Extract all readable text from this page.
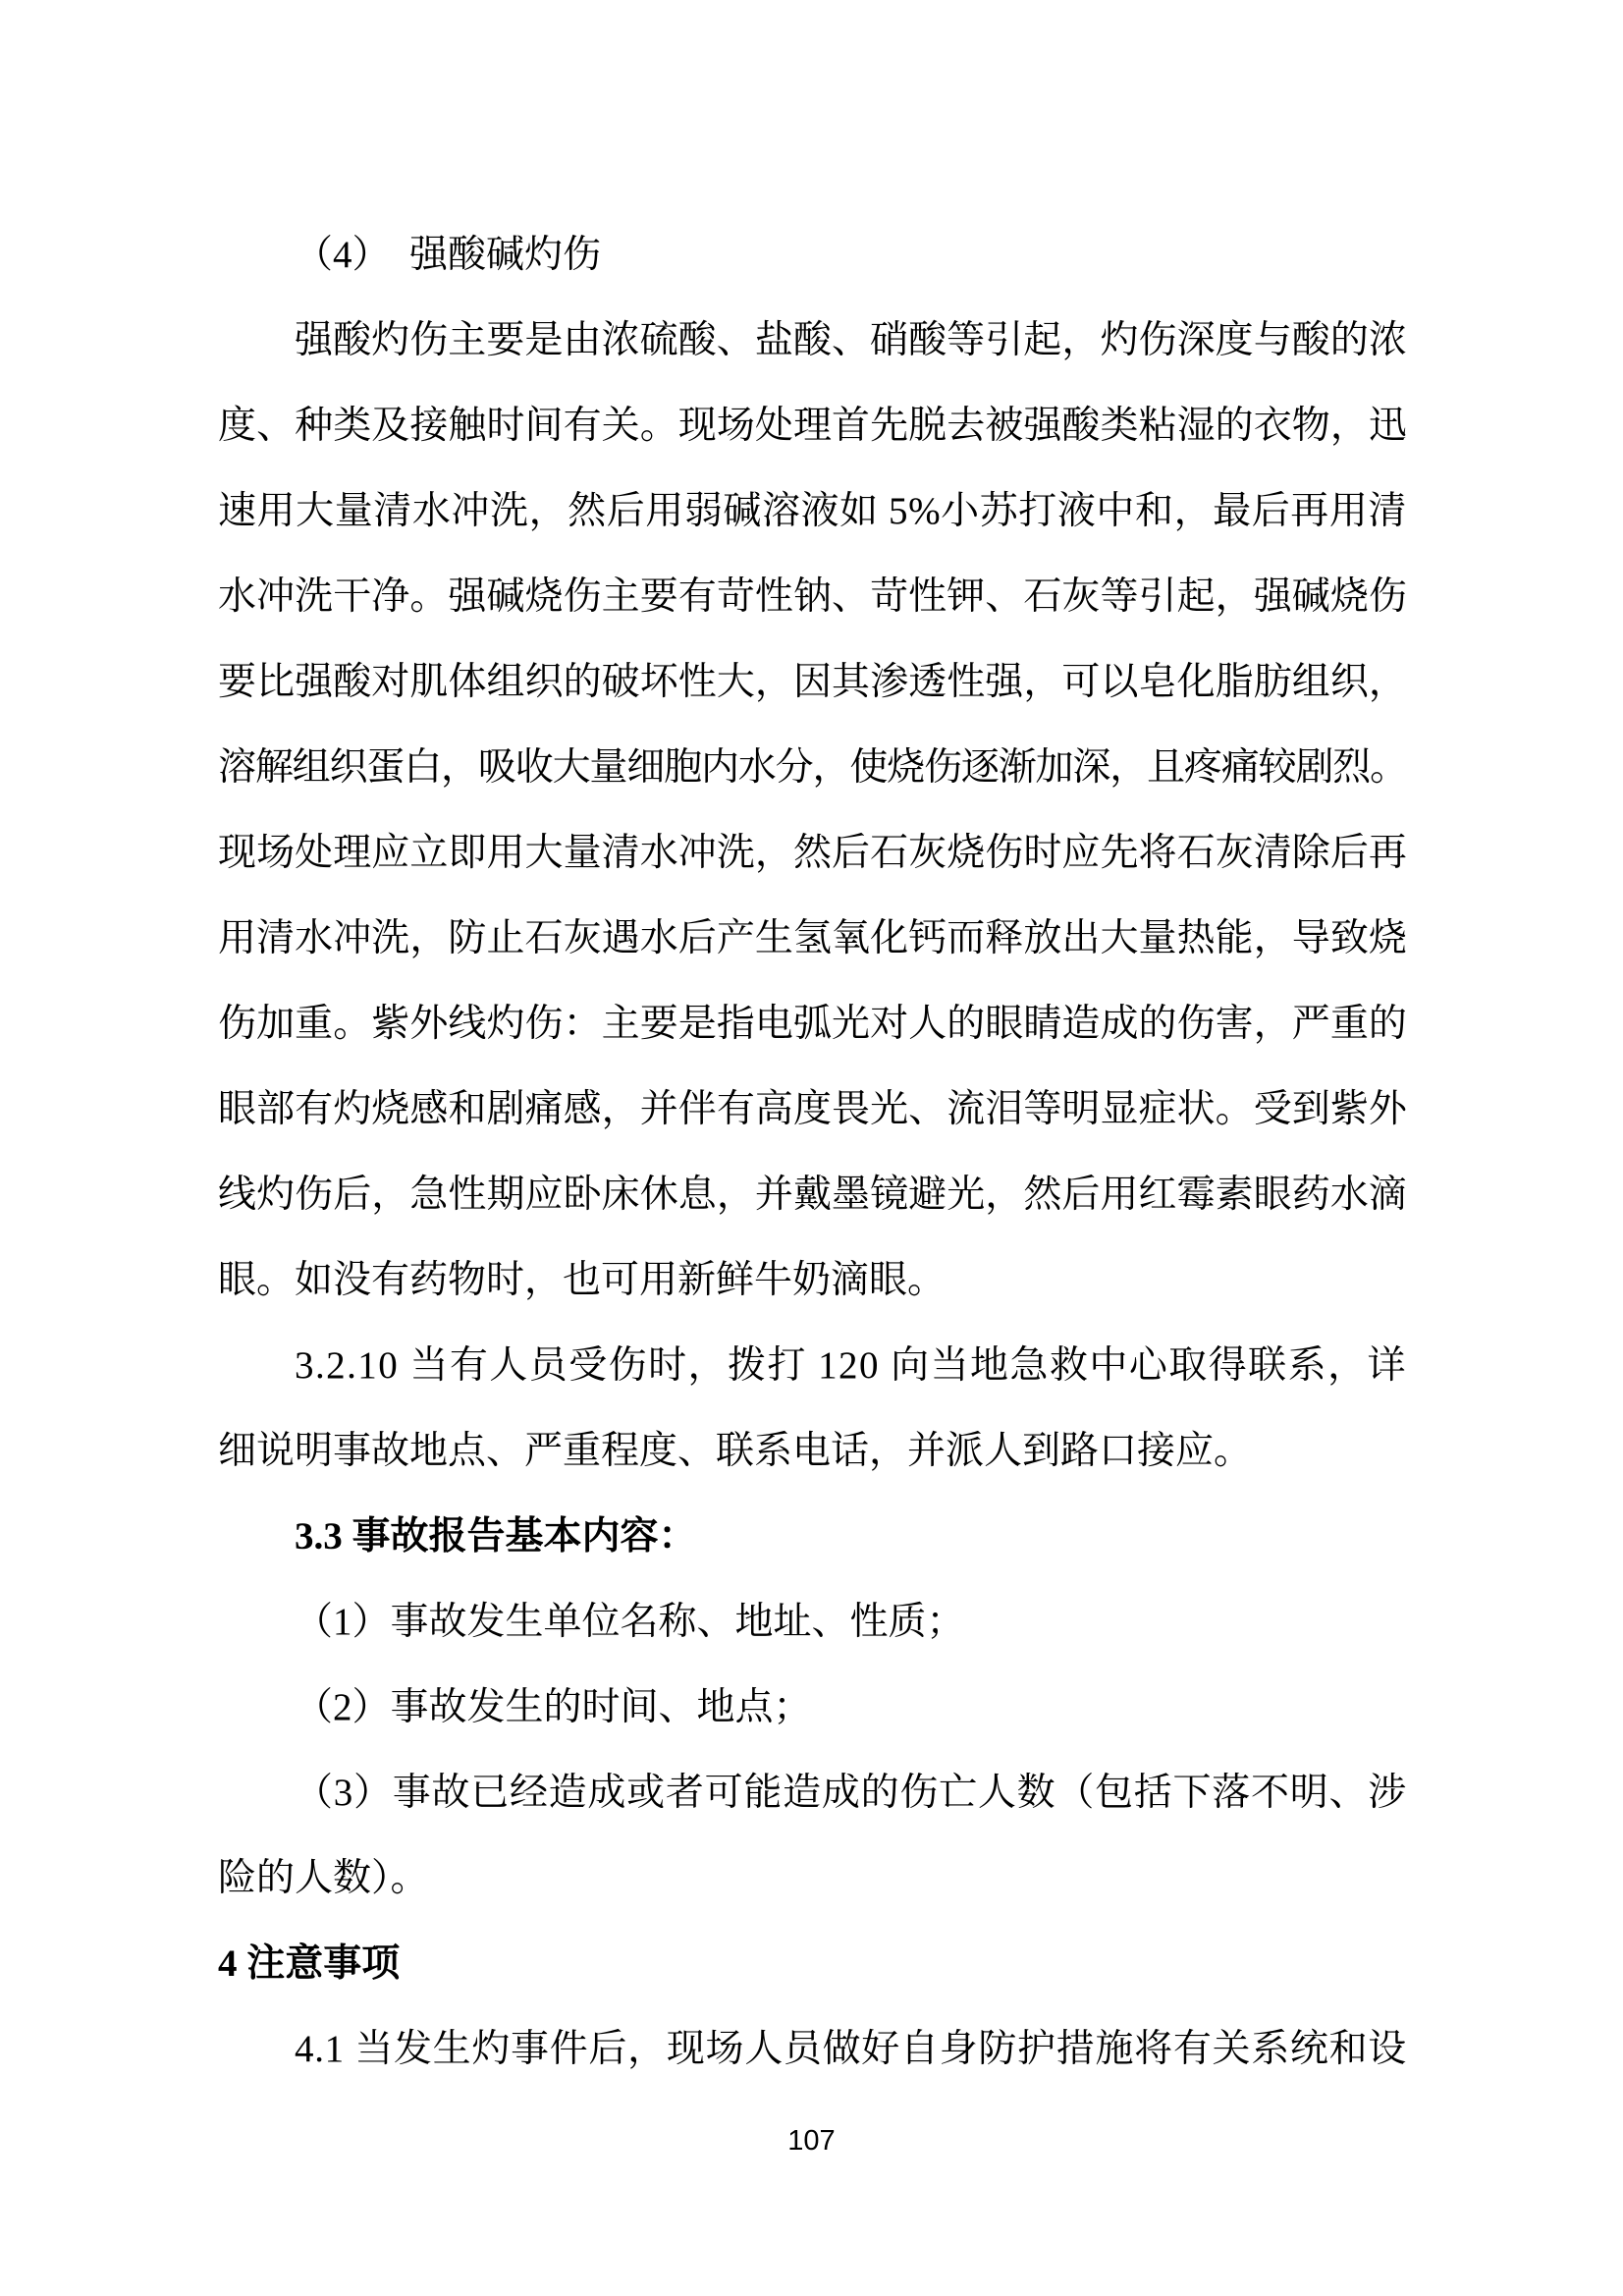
（4）　强酸碱灼伤
强酸灼伤主要是由浓硫酸、盐酸、硝酸等引起，灼伤深度与酸的浓
度、种类及接触时间有关。现场处理首先脱去被强酸类粘湿的衣物，迅
速用大量清水冲洗，然后用弱碱溶液如 5%小苏打液中和，最后再用清
水冲洗干净。强碱烧伤主要有苛性钠、苛性钾、石灰等引起，强碱烧伤
要比强酸对肌体组织的破坏性大，因其渗透性强，可以皂化脂肪组织，
溶解组织蛋白，吸收大量细胞内水分，使烧伤逐渐加深，且疼痛较剧烈。
现场处理应立即用大量清水冲洗，然后石灰烧伤时应先将石灰清除后再
用清水冲洗，防止石灰遇水后产生氢氧化钙而释放出大量热能，导致烧
伤加重。紫外线灼伤：主要是指电弧光对人的眼睛造成的伤害，严重的
眼部有灼烧感和剧痛感，并伴有高度畏光、流泪等明显症状。受到紫外
线灼伤后，急性期应卧床休息，并戴墨镜避光，然后用红霉素眼药水滴
眼。如没有药物时，也可用新鲜牛奶滴眼。
3.2.10 当有人员受伤时，拨打 120 向当地急救中心取得联系，详
细说明事故地点、严重程度、联系电话，并派人到路口接应。
3.3 事故报告基本内容：
（1）事故发生单位名称、地址、性质；
（2）事故发生的时间、地点；
（3）事故已经造成或者可能造成的伤亡人数（包括下落不明、涉
险的人数）。
4 注意事项
4.1 当发生灼事件后，现场人员做好自身防护措施将有关系统和设
107
